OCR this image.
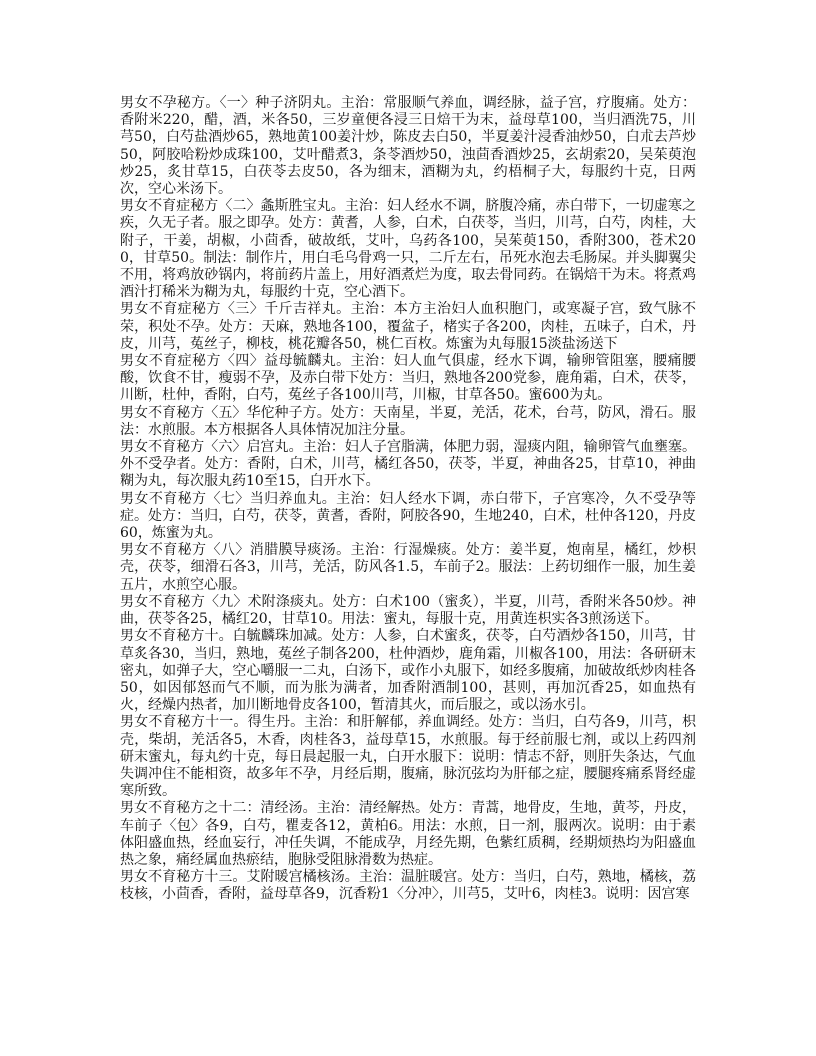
男女不孕秘方。〈一〉种子济阴丸。主治：常服顺气养血，调经脉，益子宫，疗腹痛。处方：香附米220，醋，酒，米各50，三岁童便各浸三日焙干为末，益母草100，当归酒洗75，川芎50，白芍盐酒炒65，熟地黄100姜汁炒，陈皮去白50，半夏姜汁浸香油炒50，白朮去芦炒50，阿胶哈粉炒成珠100，艾叶醋煮3，条苓酒炒50，浊茴香酒炒25，玄胡索20，吴茱萸泡炒25，炙甘草15，白茯苓去皮50，各为细末，酒糊为丸，约梧桐子大，每服约十克，日两次，空心米汤下。

男女不育症秘方〈二〉螽斯胜宝丸。主治：妇人经水不调，脐腹冷痛，赤白带下，一切虚寒之疾，久无子者。服之即孕。处方：黄耆，人参，白术，白茯苓，当归，川芎，白芍，肉桂，大附子，干姜，胡椒，小茴香，破故纸，艾叶，乌药各100，吴茱萸150，香附300，苍术200，甘草50。制法：制作片，用白毛乌骨鸡一只，二斤左右，吊死水泡去毛肠屎。并头脚翼尖不用，将鸡放砂锅内，将前药片盖上，用好酒煮烂为度，取去骨同药。在锅焙干为末。将煮鸡酒汁打稀米为糊为丸，每服约十克，空心酒下。

男女不育症秘方〈三〉千斤吉祥丸。主治：本方主治妇人血积胞门，或寒凝子宫，致气脉不荣，积处不孕。处方：天麻，熟地各100，覆盆子，楮实子各200，肉桂，五味子，白术，丹皮，川芎，菟丝子，柳枝，桃花瓣各50，桃仁百枚。炼蜜为丸每服15淡盐汤送下

男女不育症秘方〈四〉益母毓麟丸。主治：妇人血气俱虚，经水下调，输卵管阻塞，腰痛腰酸，饮食不甘，瘦弱不孕，及赤白带下处方：当归，熟地各200党参，鹿角霜，白术，茯苓，川断，杜仲，香附，白芍，菟丝子各100川芎，川椒，甘草各50。蜜600为丸。

男女不育秘方〈五〉华佗种子方。处方：天南星，半夏，羌活，花术，台芎，防风，滑石。服法：水煎服。本方根据各人具体情况加注分量。

男女不育秘方〈六〉启宫丸。主治：妇人子宫脂满，体肥力弱，湿痰内阻，输卵管气血壅塞。外不受孕者。处方：香附，白术，川芎，橘红各50，茯苓，半夏，神曲各25，甘草10，神曲糊为丸，每次服丸药10至15，白开水下。

男女不育秘方〈七〉当归养血丸。主治：妇人经水下调，赤白带下，子宫寒冷，久不受孕等症。处方：当归，白芍，茯苓，黄耆，香附，阿胶各90，生地240，白术，杜仲各120，丹皮60，炼蜜为丸。

男女不育秘方〈八〉消腊膜导痰汤。主治：行湿燥痰。处方：姜半夏，炮南星，橘红，炒枳壳，茯苓，细滑石各3，川芎，羌活，防风各1.5，车前子2。服法：上药切细作一服，加生姜五片，水煎空心服。

男女不育秘方〈九〉术附涤痰丸。处方：白术100（蜜炙），半夏，川芎，香附米各50炒。神曲，茯苓各25，橘红20，甘草10。用法：蜜丸，每服十克，用黄连枳实各3煎汤送下。

男女不育秘方十。白毓麟珠加减。处方：人参，白术蜜炙，茯苓，白芍酒炒各150，川芎，甘草炙各30，当归，熟地，菟丝子制各200，杜仲酒炒，鹿角霜，川椒各100，用法：各研研末密丸，如弹子大，空心嚼服一二丸，白汤下，或作小丸服下，如经多腹痛，加破故纸炒肉桂各50，如因郁怒而气不顺，而为胀为满者，加香附酒制100，甚则，再加沉香25，如血热有火，经燥内热者，加川断地骨皮各100，暂清其火，而后服之，或以汤水引。

男女不育秘方十一。得生丹。主治：和肝解郁，养血调经。处方：当归，白芍各9，川芎，枳壳，柴胡，羌活各5，木香，肉桂各3，益母草15，水煎服。每于经前服七剂，或以上药四剂研末蜜丸，每丸约十克，每日晨起服一丸，白开水服下：说明：情志不舒，则肝失条达，气血失调冲住不能相资，故多年不孕，月经后期，腹痛，脉沉弦均为肝郁之症，腰腿疼痛系肾经虚寒所致。

男女不育秘方之十二：清经汤。主治：清经解热。处方：青蒿，地骨皮，生地，黄芩，丹皮，车前子〈包〉各9，白芍，瞿麦各12，黄柏6。用法：水煎，日一剂，服两次。说明：由于素体阳盛血热，经血妄行，冲任失调，不能成孕，月经先期，色紫红质稠，经期烦热均为阳盛血热之象，痛经属血热瘀结，胞脉受阻脉滑数为热症。

男女不育秘方十三。艾附暖宫橘核汤。主治：温脏暖宫。处方：当归，白芍，熟地，橘核，荔枝核，小茴香，香附，益母草各9，沉香粉1〈分冲〉，川芎5，艾叶6，肉桂3。说明：因宫寒
